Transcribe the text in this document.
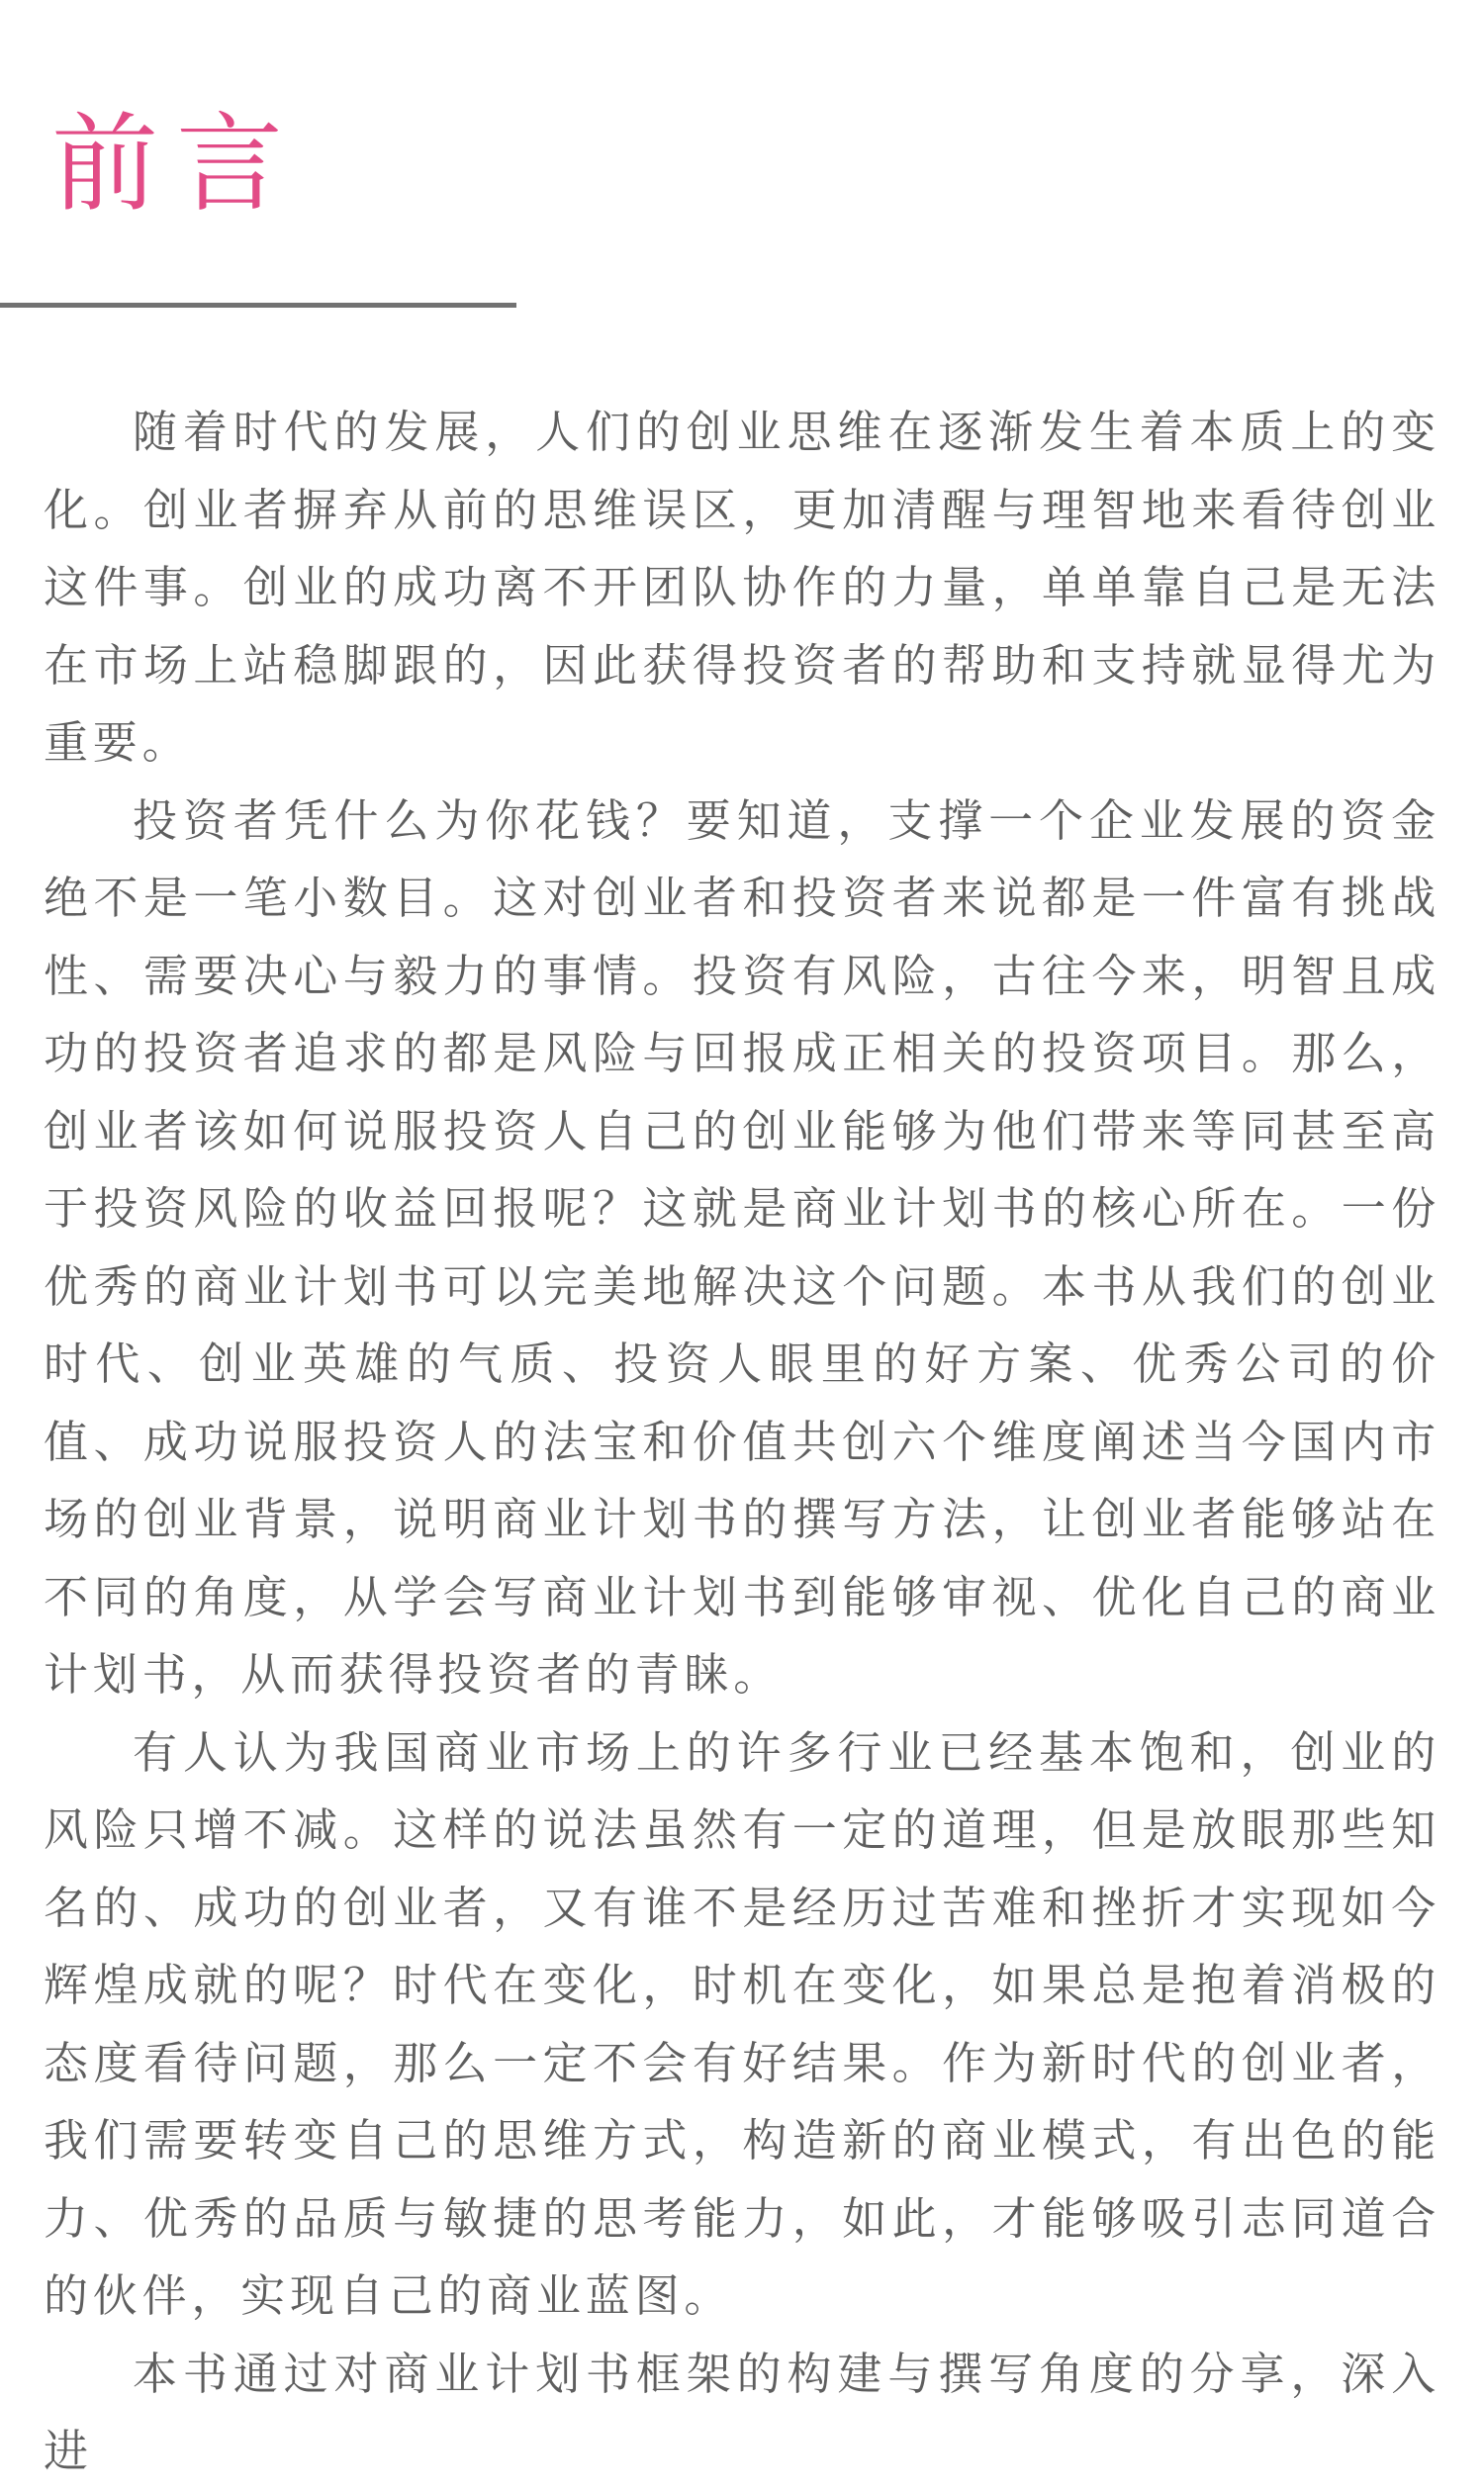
前言

随着时代的发展，人们的创业思维在逐渐发生着本质上的变化。创业者摒弃从前的思维误区，更加清醒与理智地来看待创业这件事。创业的成功离不开团队协作的力量，单单靠自己是无法在市场上站稳脚跟的，因此获得投资者的帮助和支持就显得尤为重要。

投资者凭什么为你花钱？要知道，支撑一个企业发展的资金绝不是一笔小数目。这对创业者和投资者来说都是一件富有挑战性、需要决心与毅力的事情。投资有风险，古往今来，明智且成功的投资者追求的都是风险与回报成正相关的投资项目。那么，创业者该如何说服投资人自己的创业能够为他们带来等同甚至高于投资风险的收益回报呢？这就是商业计划书的核心所在。一份优秀的商业计划书可以完美地解决这个问题。本书从我们的创业时代、创业英雄的气质、投资人眼里的好方案、优秀公司的价值、成功说服投资人的法宝和价值共创六个维度阐述当今国内市场的创业背景，说明商业计划书的撰写方法，让创业者能够站在不同的角度，从学会写商业计划书到能够审视、优化自己的商业计划书，从而获得投资者的青睐。

有人认为我国商业市场上的许多行业已经基本饱和，创业的风险只增不减。这样的说法虽然有一定的道理，但是放眼那些知名的、成功的创业者，又有谁不是经历过苦难和挫折才实现如今辉煌成就的呢？时代在变化，时机在变化，如果总是抱着消极的态度看待问题，那么一定不会有好结果。作为新时代的创业者，我们需要转变自己的思维方式，构造新的商业模式，有出色的能力、优秀的品质与敏捷的思考能力，如此，才能够吸引志同道合的伙伴，实现自己的商业蓝图。

本书通过对商业计划书框架的构建与撰写角度的分享，深入进
